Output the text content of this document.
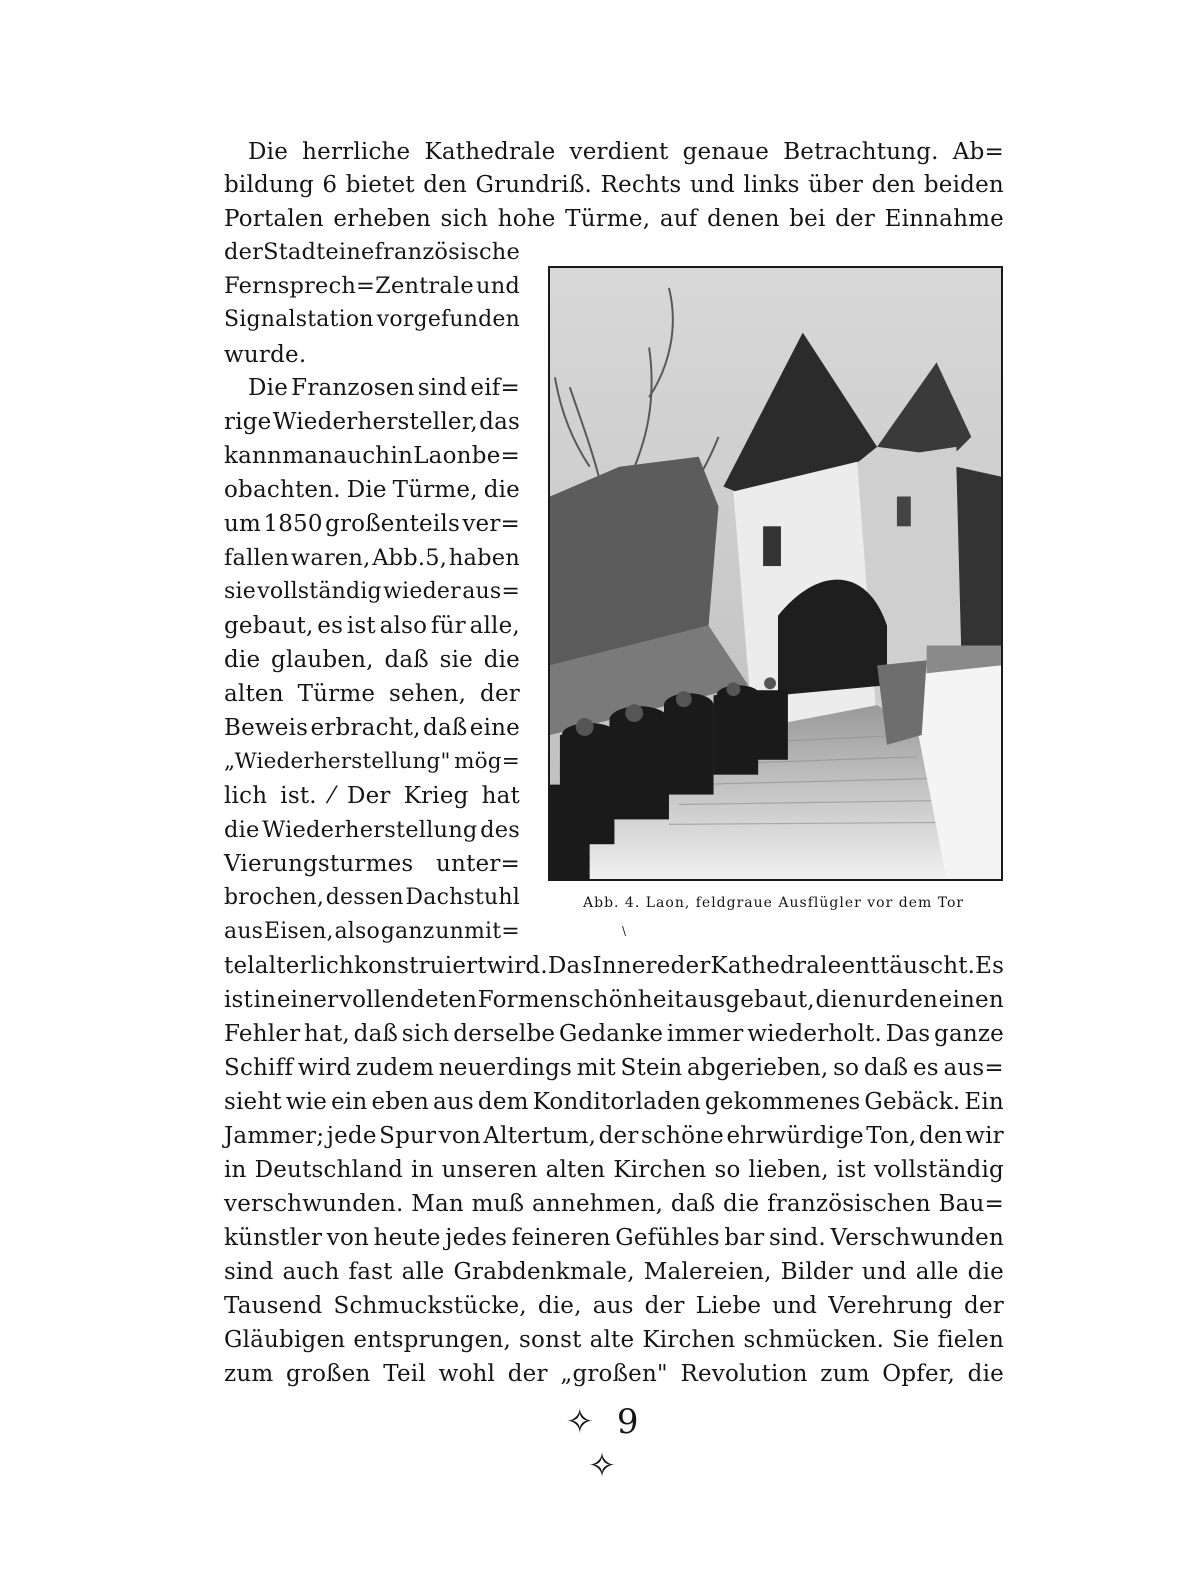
Die herrliche Kathedrale verdient genaue Betrachtung. Ab=
bildung 6 bietet den Grundriß. Rechts und links über den beiden
Portalen erheben sich hohe Türme, auf denen bei der Einnahme
der Stadt eine französische
Fernsprech=Zentrale und
Signalstation vorgefunden
wurde.
Die Franzosen sind eif=
rige Wiederhersteller, das
kann man auch in Laon be=
obachten. Die Türme, die
um 1850 großenteils ver=
fallen waren, Abb.5, haben
sie vollständig wieder aus=
gebaut, es ist also für alle,
die glauben, daß sie die
alten Türme sehen, der
Beweis erbracht, daß eine
„Wiederherstellung" mög=
lich ist. ⁄ Der Krieg hat
die Wiederherstellung des
Vierungsturmes unter=
brochen, dessen Dachstuhl
aus Eisen, also ganz unmit=
telalterlich konstruiert wird. Das Innere der Kathedrale enttäuscht. Es
ist in einer vollendeten Formenschönheit ausgebaut, die nur den einen
Fehler hat, daß sich derselbe Gedanke immer wiederholt. Das ganze
Schiff wird zudem neuerdings mit Stein abgerieben, so daß es aus=
sieht wie ein eben aus dem Konditorladen gekommenes Gebäck. Ein
Jammer; jede Spur von Altertum, der schöne ehrwürdige Ton, den wir
in Deutschland in unseren alten Kirchen so lieben, ist vollständig
verschwunden. Man muß annehmen, daß die französischen Bau=
künstler von heute jedes feineren Gefühles bar sind. Verschwunden
sind auch fast alle Grabdenkmale, Malereien, Bilder und alle die
Tausend Schmuckstücke, die, aus der Liebe und Verehrung der
Gläubigen entsprungen, sonst alte Kirchen schmücken. Sie fielen
zum großen Teil wohl der „großen" Revolution zum Opfer, die
Abb. 4. Laon, feldgraue Ausflügler vor dem Tor
\
✧ 9 ✧
